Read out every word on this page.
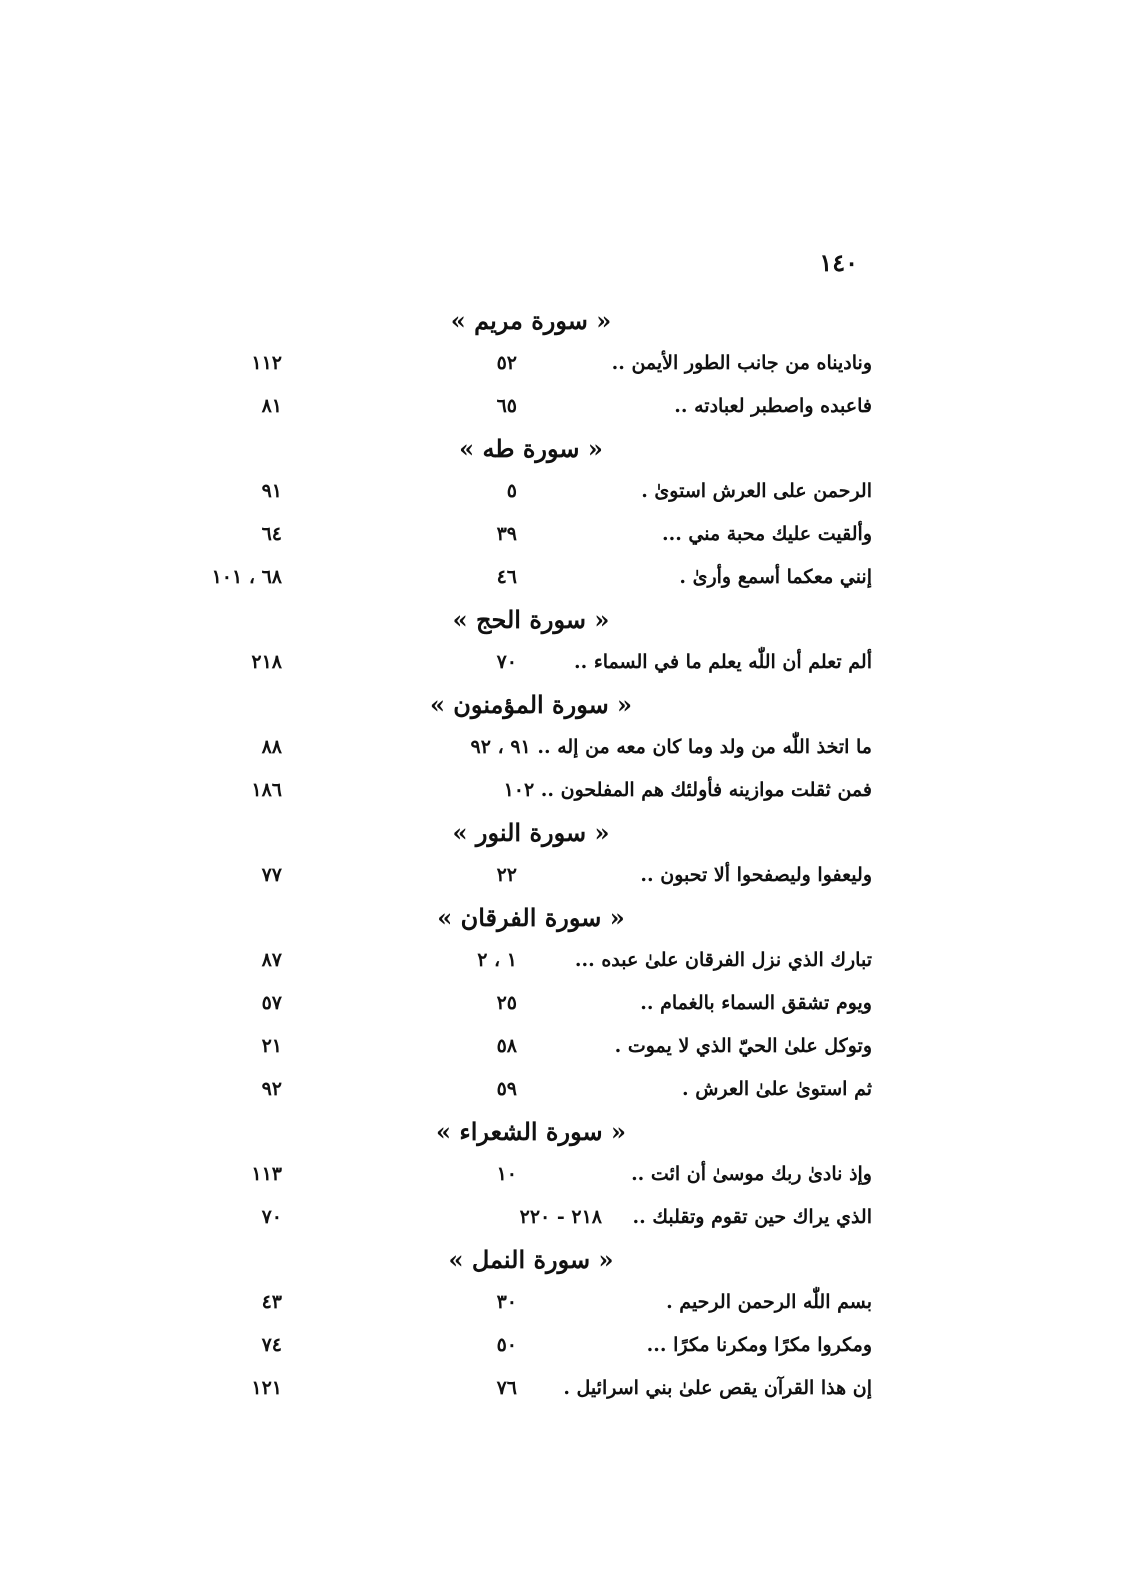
١٤٠
« سورة مريم »
وناديناه من جانب الطور الأيمن ..
٥٢
١١٢
فاعبده واصطبر لعبادته ..
٦٥
٨١
« سورة طه »
الرحمن على العرش استوىٰ .
٥
٩١
وألقيت عليك محبة مني ...
٣٩
٦٤
إنني معكما أسمع وأرىٰ .
٤٦
٦٨ ، ١٠١
« سورة الحج »
ألم تعلم أن اللّٰه يعلم ما في السماء ..
٧٠
٢١٨
« سورة المؤمنون »
ما اتخذ اللّٰه من ولد وما كان معه من إله .. ٩١ ، ٩٢
٨٨
فمن ثقلت موازينه فأولئك هم المفلحون .. ١٠٢
١٨٦
« سورة النور »
وليعفوا وليصفحوا ألا تحبون ..
٢٢
٧٧
« سورة الفرقان »
تبارك الذي نزل الفرقان علىٰ عبده ...
١ ، ٢
٨٧
ويوم تشقق السماء بالغمام ..
٢٥
٥٧
وتوكل علىٰ الحيّ الذي لا يموت .
٥٨
٢١
ثم استوىٰ علىٰ العرش .
٥٩
٩٢
« سورة الشعراء »
وإذ نادىٰ ربك موسىٰ أن ائت ..
١٠
١١٣
الذي يراك حين تقوم وتقلبك ..
٢١٨ - ٢٢٠
٧٠
« سورة النمل »
بسم اللّٰه الرحمن الرحيم .
٣٠
٤٣
ومكروا مكرًا ومكرنا مكرًا ...
٥٠
٧٤
إن هذا القرآن يقص علىٰ بني اسرائيل .
٧٦
١٢١
